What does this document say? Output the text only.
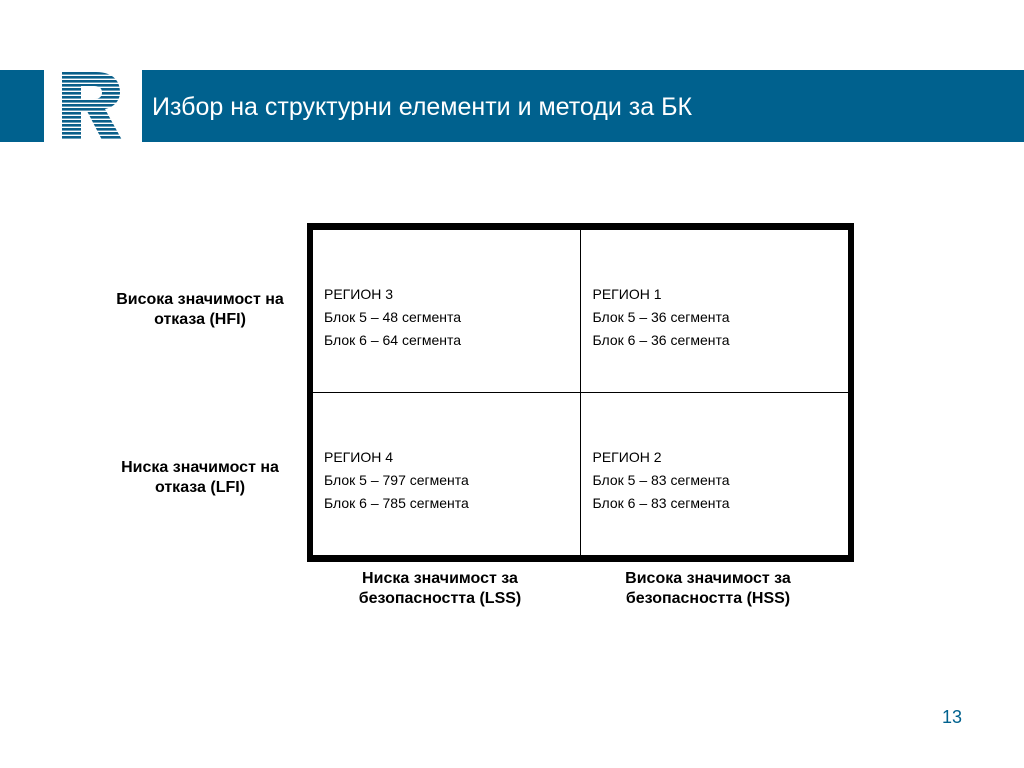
Избор на структурни елементи и методи за БК
Висока значимост на отказа (HFI)
Ниска значимост на отказа (LFI)
РЕГИОН 3
Блок 5 – 48 сегмента
Блок 6 – 64 сегмента
РЕГИОН 1
Блок 5 – 36 сегмента
Блок 6 – 36 сегмента
РЕГИОН 4
Блок 5 – 797 сегмента
Блок 6 – 785 сегмента
РЕГИОН 2
Блок 5 – 83 сегмента
Блок 6 – 83 сегмента
Ниска значимост за безопасността (LSS)
Висока значимост за безопасността (HSS)
13
